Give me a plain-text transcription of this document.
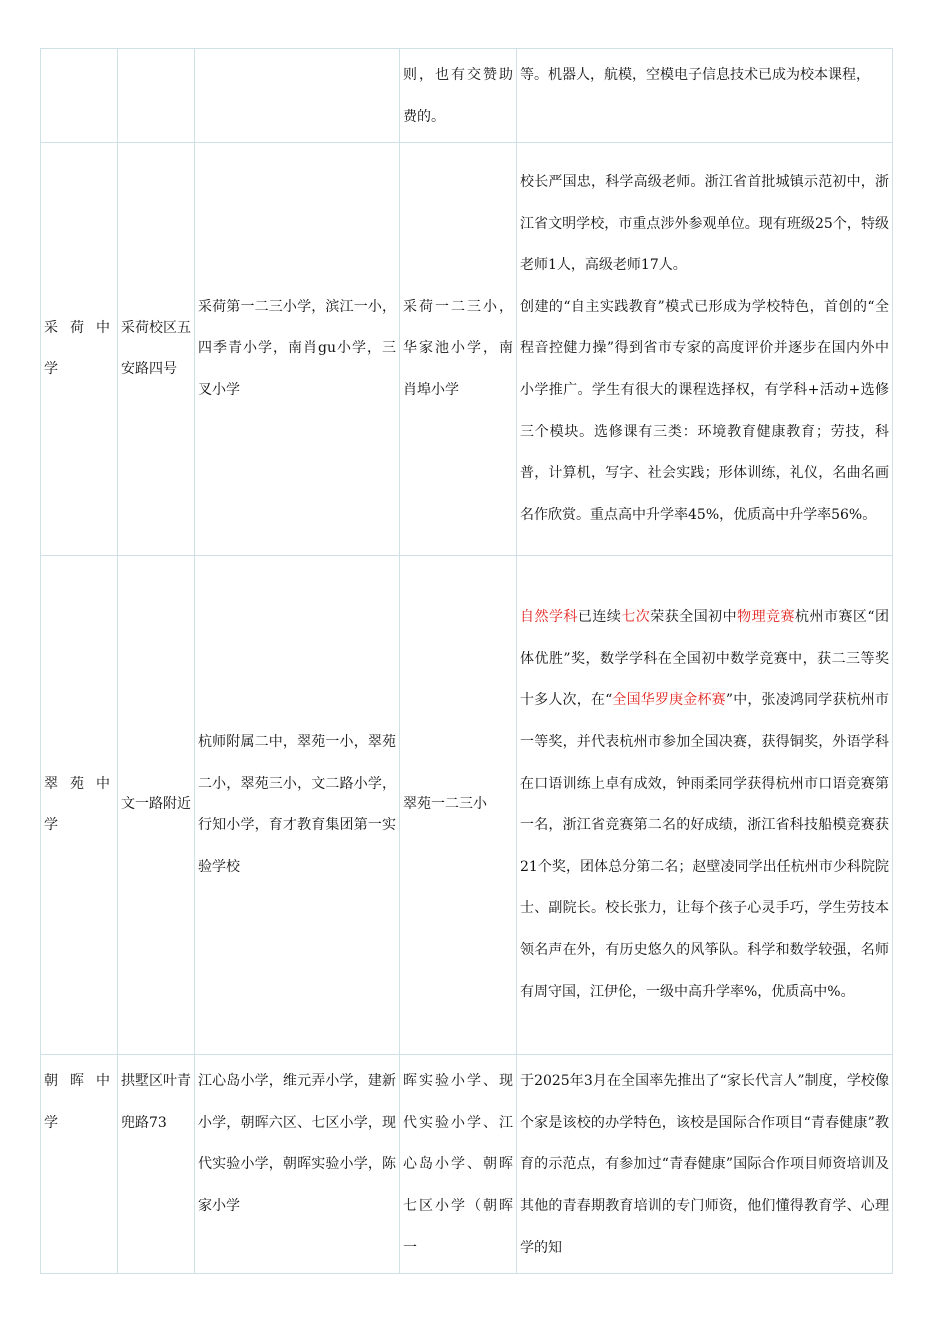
			则，也有交赞助费的。	等。机器人，航模，空模电子信息技术已成为校本课程，

采荷中学	采荷校区五安路四号	采荷第一二三小学，滨江一小，四季青小学，南肖gu小学，三叉小学	采荷一二三小，华家池小学，南肖埠小学	校长严国忠，科学高级老师。浙江省首批城镇示范初中，浙江省文明学校，市重点涉外参观单位。现有班级25个，特级老师1人，高级老师17人。
创建的“自主实践教育”模式已形成为学校特色，首创的“全程音控健力操”得到省市专家的高度评价并逐步在国内外中小学推广。学生有很大的课程选择权，有学科+活动+选修三个模块。选修课有三类：环境教育健康教育；劳技，科普，计算机，写字、社会实践；形体训练，礼仪，名曲名画名作欣赏。重点高中升学率45%，优质高中升学率56%。

翠苑中学	文一路附近	杭师附属二中，翠苑一小，翠苑二小，翠苑三小，文二路小学，行知小学，育才教育集团第一实验学校	翠苑一二三小	自然学科已连续七次荣获全国初中物理竞赛杭州市赛区“团体优胜”奖，数学学科在全国初中数学竞赛中，获二三等奖十多人次，在“全国华罗庚金杯赛”中，张凌鸿同学获杭州市一等奖，并代表杭州市参加全国决赛，获得铜奖，外语学科在口语训练上卓有成效，钟雨柔同学获得杭州市口语竞赛第一名，浙江省竞赛第二名的好成绩，浙江省科技船模竞赛获21个奖，团体总分第二名；赵壁凌同学出任杭州市少科院院士、副院长。校长张力，让每个孩子心灵手巧，学生劳技本领名声在外，有历史悠久的风筝队。科学和数学较强，名师有周守国，江伊伦，一级中高升学率%，优质高中%。
朝晖中学	拱墅区叶青兜路73	江心岛小学，维元弄小学，建新小学，朝晖六区、七区小学，现代实验小学，朝晖实验小学，陈家小学	晖实验小学、现代实验小学、江心岛小学、朝晖七区小学（朝晖一	于2025年3月在全国率先推出了“家长代言人”制度，学校像个家是该校的办学特色，该校是国际合作项目“青春健康”教育的示范点，有参加过“青春健康”国际合作项目师资培训及其他的青春期教育培训的专门师资，他们懂得教育学、心理学的知
